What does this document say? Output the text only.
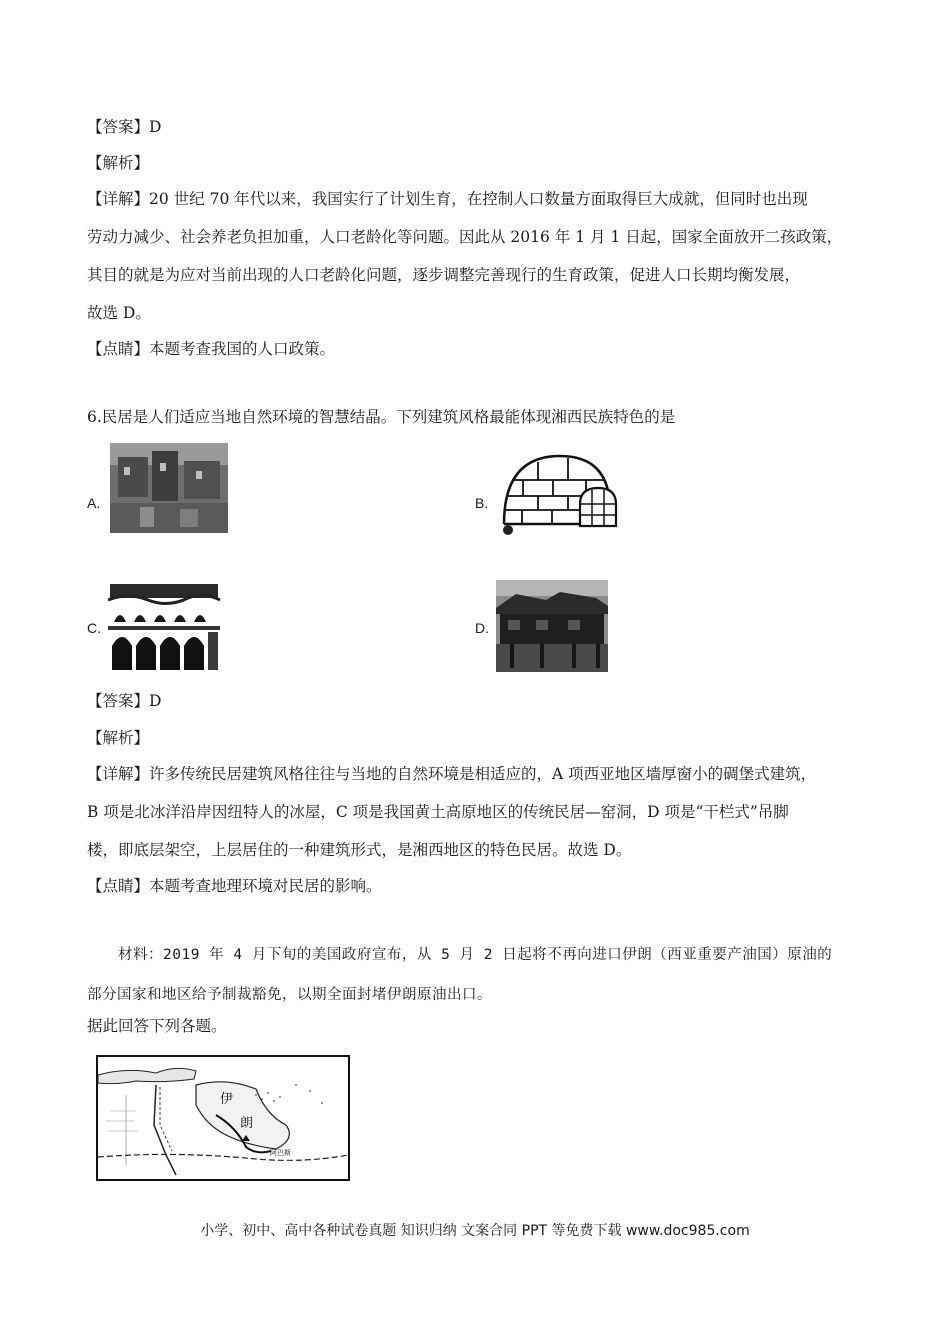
【答案】D
【解析】
【详解】20 世纪 70 年代以来，我国实行了计划生育，在控制人口数量方面取得巨大成就，但同时也出现
劳动力减少、社会养老负担加重，人口老龄化等问题。因此从 2016 年 1 月 1 日起，国家全面放开二孩政策，
其目的就是为应对当前出现的人口老龄化问题，逐步调整完善现行的生育政策，促进人口长期均衡发展，
故选 D。
【点睛】本题考查我国的人口政策。
6.民居是人们适应当地自然环境的智慧结晶。下列建筑风格最能体现湘西民族特色的是
A.	B.
C.	D.
【答案】D
【解析】
【详解】许多传统民居建筑风格往往与当地的自然环境是相适应的，A 项西亚地区墙厚窗小的碉堡式建筑，
B 项是北冰洋沿岸因纽特人的冰屋，C 项是我国黄土高原地区的传统民居—窑洞，D 项是“干栏式”吊脚
楼，即底层架空，上层居住的一种建筑形式，是湘西地区的特色民居。故选 D。
【点睛】本题考查地理环境对民居的影响。
材料：2019 年 4 月下旬的美国政府宣布，从 5 月 2 日起将不再向进口伊朗（西亚重要产油国）原油的
部分国家和地区给予制裁豁免，以期全面封堵伊朗原油出口。
据此回答下列各题。
伊
朗
阿巴斯
小学、初中、高中各种试卷真题 知识归纳 文案合同 PPT 等免费下载 www.doc985.com
